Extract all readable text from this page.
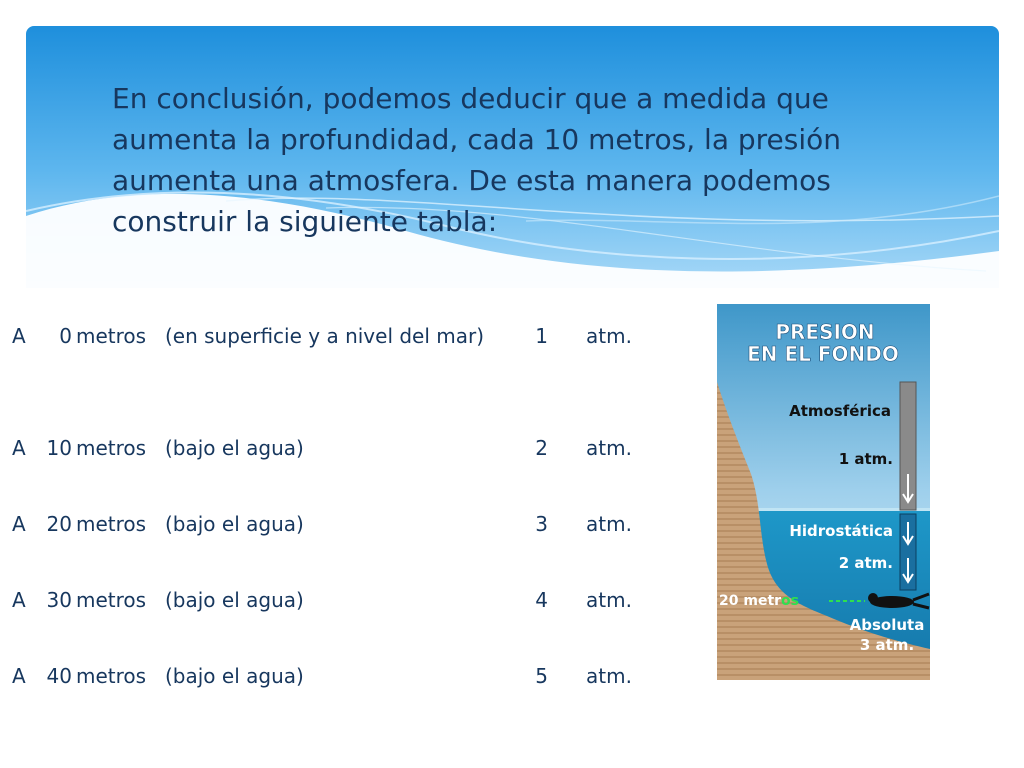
En conclusión, podemos deducir que a medida que aumenta la profundidad, cada 10 metros, la presión aumenta una atmosfera. De esta manera podemos construir la siguiente tabla:

A	0 metros (en superficie y a nivel del mar)	1 atm.
A	10 metros (bajo el agua)	2 atm.
A	20 metros (bajo el agua)	3 atm.
A	30 metros (bajo el agua)	4 atm.
A	40 metros (bajo el agua)	5 atm.
PRESION
EN EL FONDO
Atmosférica
1 atm.
Hidrostática
2 atm.
20 metros
Absoluta
3 atm.
